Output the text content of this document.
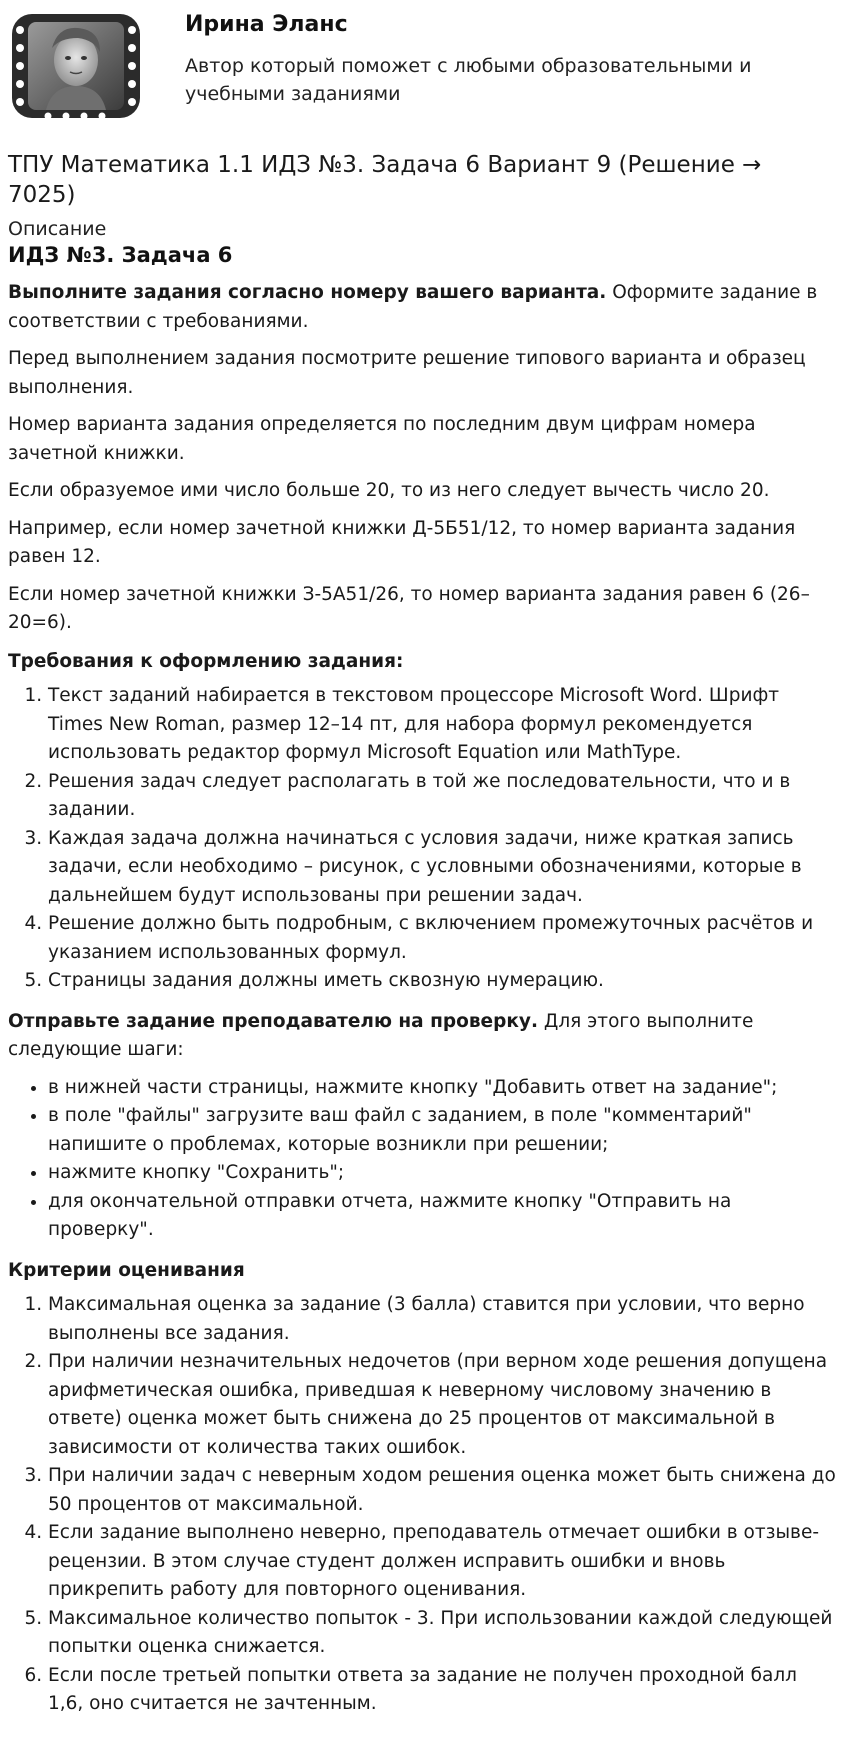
Ирина Эланс
Автор который поможет с любыми образовательными и учебными заданиями
ТПУ Математика 1.1 ИДЗ №3. Задача 6 Вариант 9 (Решение → 7025)
Описание
ИДЗ №3. Задача 6

Выполните задания согласно номеру вашего варианта. Оформите задание в соответствии с требованиями.

Перед выполнением задания посмотрите решение типового варианта и образец выполнения.

Номер варианта задания определяется по последним двум цифрам номера зачетной книжки.

Если образуемое ими число больше 20, то из него следует вычесть число 20.

Например, если номер зачетной книжки Д-5Б51/12, то номер варианта задания равен 12.

Если номер зачетной книжки З-5А51/26, то номер варианта задания равен 6 (26–20=6).

Требования к оформлению задания:

1. Текст заданий набирается в текстовом процессоре Microsoft Word. Шрифт Times New Roman, размер 12–14 пт, для набора формул рекомендуется использовать редактор формул Microsoft Equation или MathType.
2. Решения задач следует располагать в той же последовательности, что и в задании.
3. Каждая задача должна начинаться с условия задачи, ниже краткая запись задачи, если необходимо – рисунок, с условными обозначениями, которые в дальнейшем будут использованы при решении задач.
4. Решение должно быть подробным, с включением промежуточных расчётов и указанием использованных формул.
5. Страницы задания должны иметь сквозную нумерацию.

Отправьте задание преподавателю на проверку. Для этого выполните следующие шаги:

• в нижней части страницы, нажмите кнопку "Добавить ответ на задание";
• в поле "файлы" загрузите ваш файл с заданием, в поле "комментарий" напишите о проблемах, которые возникли при решении;
• нажмите кнопку "Сохранить";
• для окончательной отправки отчета, нажмите кнопку "Отправить на проверку".

Критерии оценивания

1. Максимальная оценка за задание (3 балла) ставится при условии, что верно выполнены все задания.
2. При наличии незначительных недочетов (при верном ходе решения допущена арифметическая ошибка, приведшая к неверному числовому значению в ответе) оценка может быть снижена до 25 процентов от максимальной в зависимости от количества таких ошибок.
3. При наличии задач с неверным ходом решения оценка может быть снижена до 50 процентов от максимальной.
4. Если задание выполнено неверно, преподаватель отмечает ошибки в отзыве-рецензии. В этом случае студент должен исправить ошибки и вновь прикрепить работу для повторного оценивания.
5. Максимальное количество попыток - 3. При использовании каждой следующей попытки оценка снижается.
6. Если после третьей попытки ответа за задание не получен проходной балл 1,6, оно считается не зачтенным.
